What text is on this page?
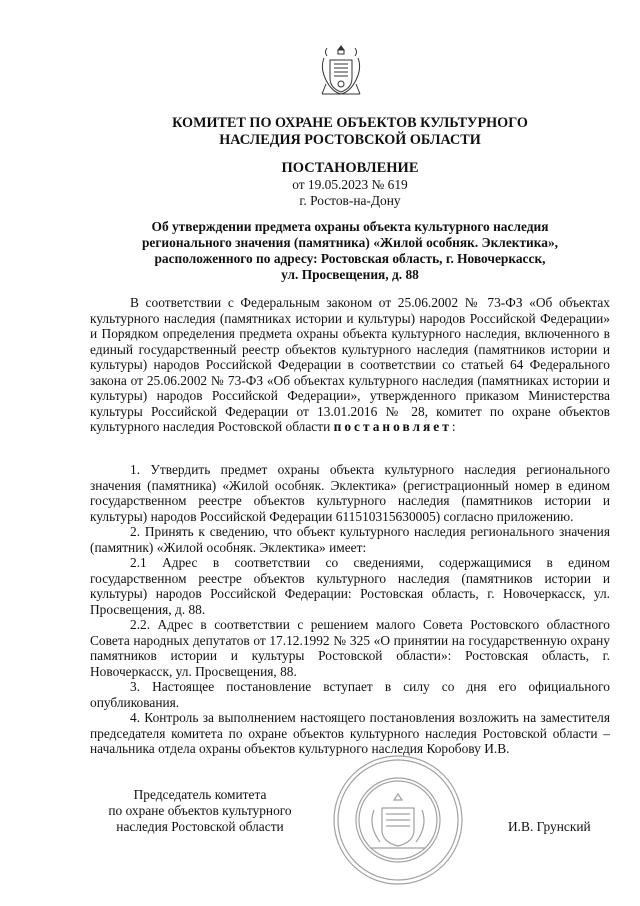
КОМИТЕТ ПО ОХРАНЕ ОБЪЕКТОВ КУЛЬТУРНОГО
НАСЛЕДИЯ РОСТОВСКОЙ ОБЛАСТИ
ПОСТАНОВЛЕНИЕ
от 19.05.2023 № 619
г. Ростов-на-Дону
Об утверждении предмета охраны объекта культурного наследия
регионального значения (памятника) «Жилой особняк. Эклектика»,
расположенного по адресу: Ростовская область, г. Новочеркасск,
ул. Просвещения, д. 88

В соответствии с Федеральным законом от 25.06.2002 № 73-ФЗ «Об объектах культурного наследия (памятниках истории и культуры) народов Российской Федерации» и Порядком определения предмета охраны объекта культурного наследия, включенного в единый государственный реестр объектов культурного наследия (памятников истории и культуры) народов Российской Федерации в соответствии со статьей 64 Федерального закона от 25.06.2002 № 73-ФЗ «Об объектах культурного наследия (памятниках истории и культуры) народов Российской Федерации», утвержденного приказом Министерства культуры Российской Федерации от 13.01.2016 № 28, комитет по охране объектов культурного наследия Ростовской области постановляет:

1. Утвердить предмет охраны объекта культурного наследия регионального значения (памятника) «Жилой особняк. Эклектика» (регистрационный номер в едином государственном реестре объектов культурного наследия (памятников истории и культуры) народов Российской Федерации 611510315630005) согласно приложению.

2. Принять к сведению, что объект культурного наследия регионального значения (памятник) «Жилой особняк. Эклектика» имеет:

2.1 Адрес в соответствии со сведениями, содержащимися в едином государственном реестре объектов культурного наследия (памятников истории и культуры) народов Российской Федерации: Ростовская область, г. Новочеркасск, ул. Просвещения, д. 88.

2.2. Адрес в соответствии с решением малого Совета Ростовского областного Совета народных депутатов от 17.12.1992 № 325 «О принятии на государственную охрану памятников истории и культуры Ростовской области»: Ростовская область, г. Новочеркасск, ул. Просвещения, 88.

3. Настоящее постановление вступает в силу со дня его официального опубликования.

4. Контроль за выполнением настоящего постановления возложить на заместителя председателя комитета по охране объектов культурного наследия Ростовской области – начальника отдела охраны объектов культурного наследия Коробову И.В.

Председатель комитета
по охране объектов культурного
наследия Ростовской области	И.В. Грунский
